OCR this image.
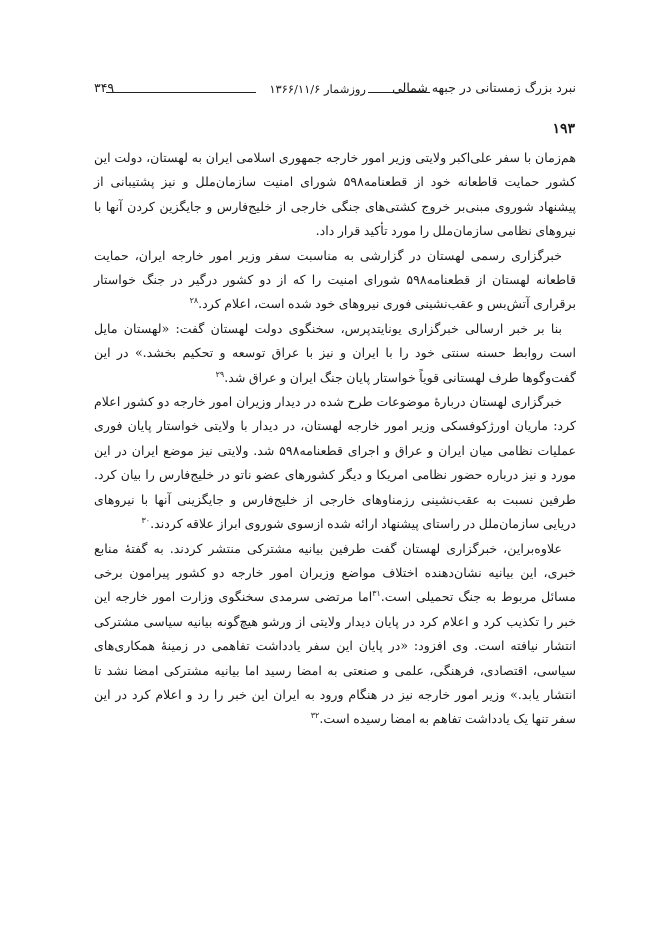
نبرد بزرگ زمستانی در جبهه شمالی
روزشمار ۱۳۶۶/۱۱/۶
۳۴۹
۱۹۳

هم‌زمان با سفر علی‌اکبر ولایتی وزیر امور خارجه جمهوری اسلامی ایران به لهستان، دولت این کشور حمایت قاطعانه خود از قطعنامه۵۹۸ شورای امنیت سازمان‌ملل و نیز پشتیبانی از پیشنهاد شوروی مبنی‌بر خروج کشتی‌های جنگی خارجی از خلیج‌فارس و جایگزین کردن آنها با نیروهای نظامی سازمان‌ملل را مورد تأکید قرار داد.

خبرگزاری رسمی لهستان در گزارشی به مناسبت سفر وزیر امور خارجه ایران، حمایت قاطعانه لهستان از قطعنامه۵۹۸ شورای امنیت را که از دو کشور درگیر در جنگ خواستار برقراری آتش‌بس و عقب‌نشینی فوری نیروهای خود شده است، اعلام کرد.$^{۲۸}$

بنا بر خبر ارسالی خبرگزاری یونایتدپرس، سخنگوی دولت لهستان گفت: «لهستان مایل است روابط حسنه سنتی خود را با ایران و نیز با عراق توسعه و تحکیم بخشد.» در این گفت‌وگوها طرف لهستانی قویاً خواستار پایان جنگ ایران و عراق شد.$^{۲۹}$

خبرگزاری لهستان دربارهٔ موضوعات طرح شده در دیدار وزیران امور خارجه دو کشور اعلام کرد: ماریان اورژکوفسکی وزیر امور خارجه لهستان، در دیدار با ولایتی خواستار پایان فوری عملیات نظامی میان ایران و عراق و اجرای قطعنامه۵۹۸ شد. ولایتی نیز موضع ایران در این مورد و نیز درباره حضور نظامی امریکا و دیگر کشورهای عضو ناتو در خلیج‌فارس را بیان کرد. طرفین نسبت به عقب‌نشینی رزمناوهای خارجی از خلیج‌فارس و جایگزینی آنها با نیروهای دریایی سازمان‌ملل در راستای پیشنهاد ارائه شده ازسوی شوروی ابراز علاقه کردند.$^{۳۰}$

علاوه‌براین، خبرگزاری لهستان گفت طرفین بیانیه مشترکی منتشر کردند. به گفتهٔ منابع خبری، این بیانیه نشان‌دهنده اختلاف مواضع وزیران امور خارجه دو کشور پیرامون برخی مسائل مربوط به جنگ تحمیلی است.$^{۳۱}$اما مرتضی سرمدی سخنگوی وزارت امور خارجه این خبر را تکذیب کرد و اعلام کرد در پایان دیدار ولایتی از ورشو هیچ‌گونه بیانیه سیاسی مشترکی انتشار نیافته است. وی افزود: «در پایان این سفر یادداشت تفاهمی در زمینهٔ همکاری‌های سیاسی، اقتصادی، فرهنگی، علمی و صنعتی به امضا رسید اما بیانیه مشترکی امضا نشد تا انتشار یابد.» وزیر امور خارجه نیز در هنگام ورود به ایران این خبر را رد و اعلام کرد در این سفر تنها یک یادداشت تفاهم به امضا رسیده است.$^{۳۲}$
